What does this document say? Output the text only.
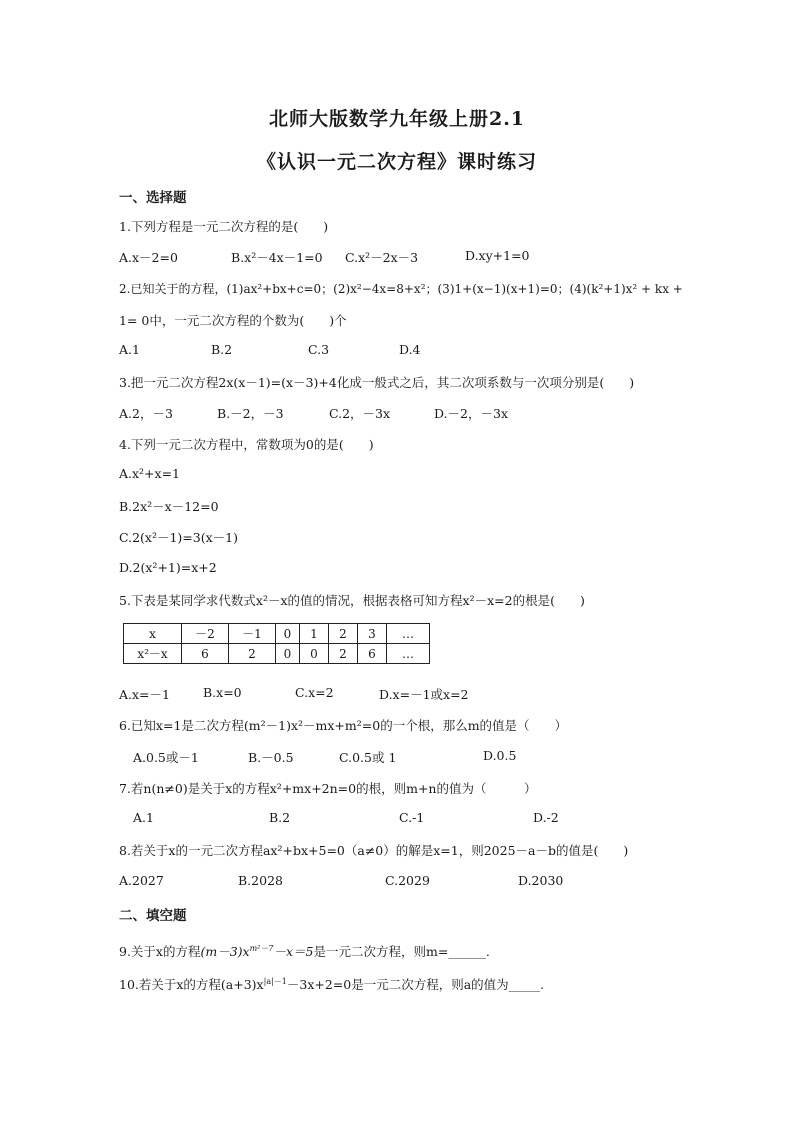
北师大版数学九年级上册2.1
《认识一元二次方程》课时练习
一、选择题
1.下列方程是一元二次方程的是(　　)
A.x－2=0	B.x²－4x－1=0 C.x²－2x－3	D.xy+1=0
2.已知关于的方程，(1)ax²+bx+c=0；(2)x²−4x=8+x²；(3)1+(x−1)(x+1)=0；(4)(k²+1)x² + kx +
1= 0中，一元二次方程的个数为(　　)个
A.1	B.2	C.3	D.4
3.把一元二次方程2x(x－1)=(x－3)+4化成一般式之后，其二次项系数与一次项分别是(　　)
A.2，－3	B.－2，－3	C.2，－3x	D.－2，－3x
4.下列一元二次方程中，常数项为0的是(　　)
A.x²+x=1
B.2x²－x－12=0
C.2(x²－1)=3(x－1)
D.2(x²+1)=x+2
5.下表是某同学求代数式x²－x的值的情况，根据表格可知方程x²－x=2的根是(　　)
x	－2	－1	0	1	2	3	…
x²－x	6	2	0	0	2	6	…
A.x=－1	B.x=0	C.x=2	D.x=－1或x=2
6.已知x=1是二次方程(m²－1)x²－mx+m²=0的一个根，那么m的值是（　　）
A.0.5或－1	B.－0.5	C.0.5或 1	D.0.5
7.若n(n≠0)是关于x的方程x²+mx+2n=0的根，则m+n的值为（　　　）
A.1	B.2	C.-1	D.-2
8.若关于x的一元二次方程ax²+bx+5=0（a≠0）的解是x=1，则2025－a－b的值是(　　)
A.2027	B.2028	C.2029	D.2030
二、填空题
9.关于x的方程$(m-3)x^{m^2-7}-x=5$是一元二次方程，则m=______.
10.若关于x的方程$(a+3)x^{|a|-1}-3x+2=0$是一元二次方程，则a的值为_____.
